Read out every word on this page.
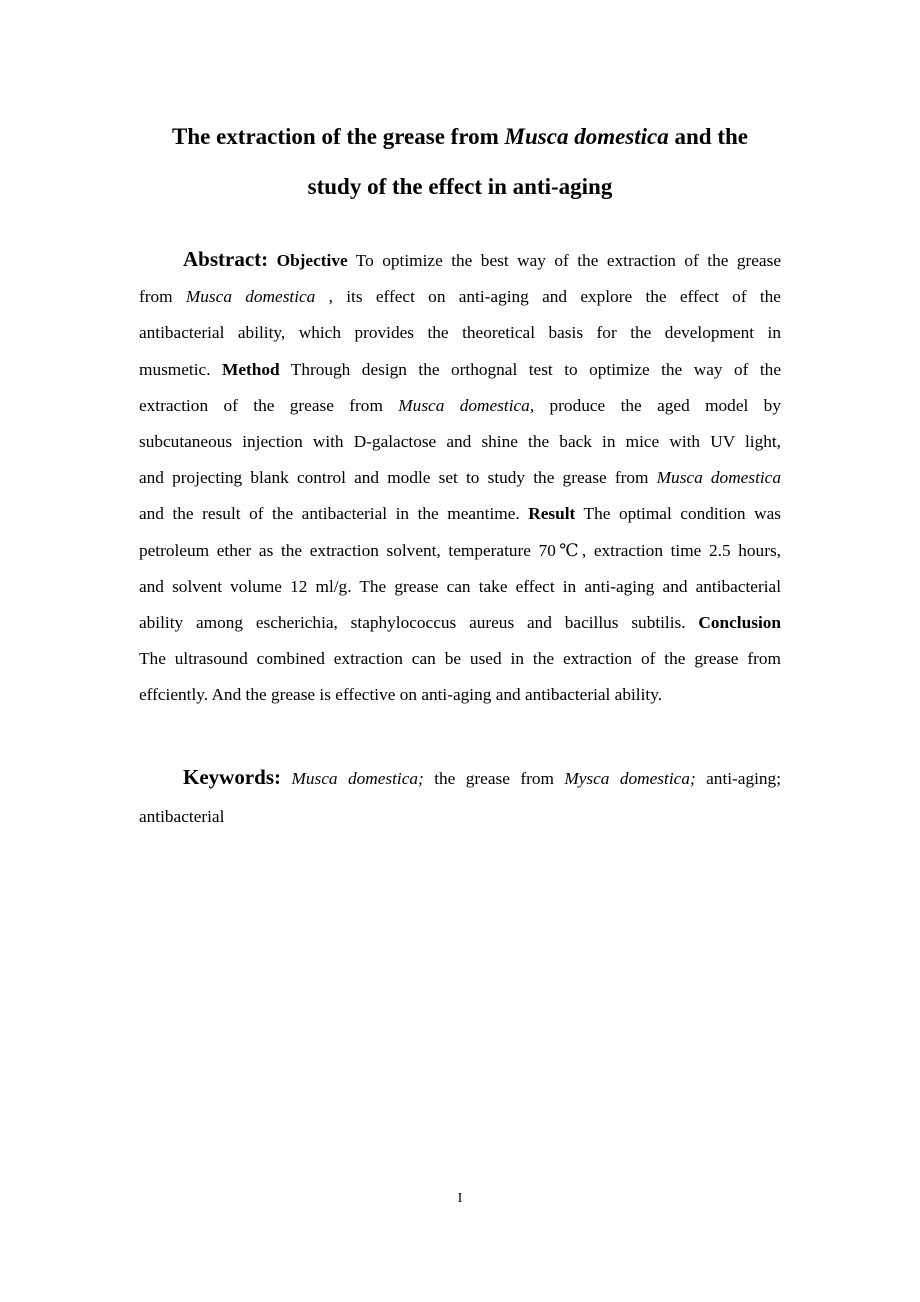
The extraction of the grease from Musca domestica and the
study of the effect in anti-aging
Abstract: Objective To optimize the best way of the extraction of the grease
from Musca domestica , its effect on anti-aging and explore the effect of the
antibacterial ability, which provides the theoretical basis for the development in
musmetic. Method Through design the orthognal test to optimize the way of the
extraction of the grease from Musca domestica, produce the aged model by
subcutaneous injection with D-galactose and shine the back in mice with UV light,
and projecting blank control and modle set to study the grease from Musca domestica
and the result of the antibacterial in the meantime. Result The optimal condition was
petroleum ether as the extraction solvent, temperature 70℃, extraction time 2.5 hours,
and solvent volume 12 ml/g. The grease can take effect in anti-aging and antibacterial
ability among escherichia, staphylococcus aureus and bacillus subtilis. Conclusion
The ultrasound combined extraction can be used in the extraction of the grease from
effciently. And the grease is effective on anti-aging and antibacterial ability.
Keywords: Musca domestica; the grease from Mysca domestica; anti-aging;
antibacterial
I
